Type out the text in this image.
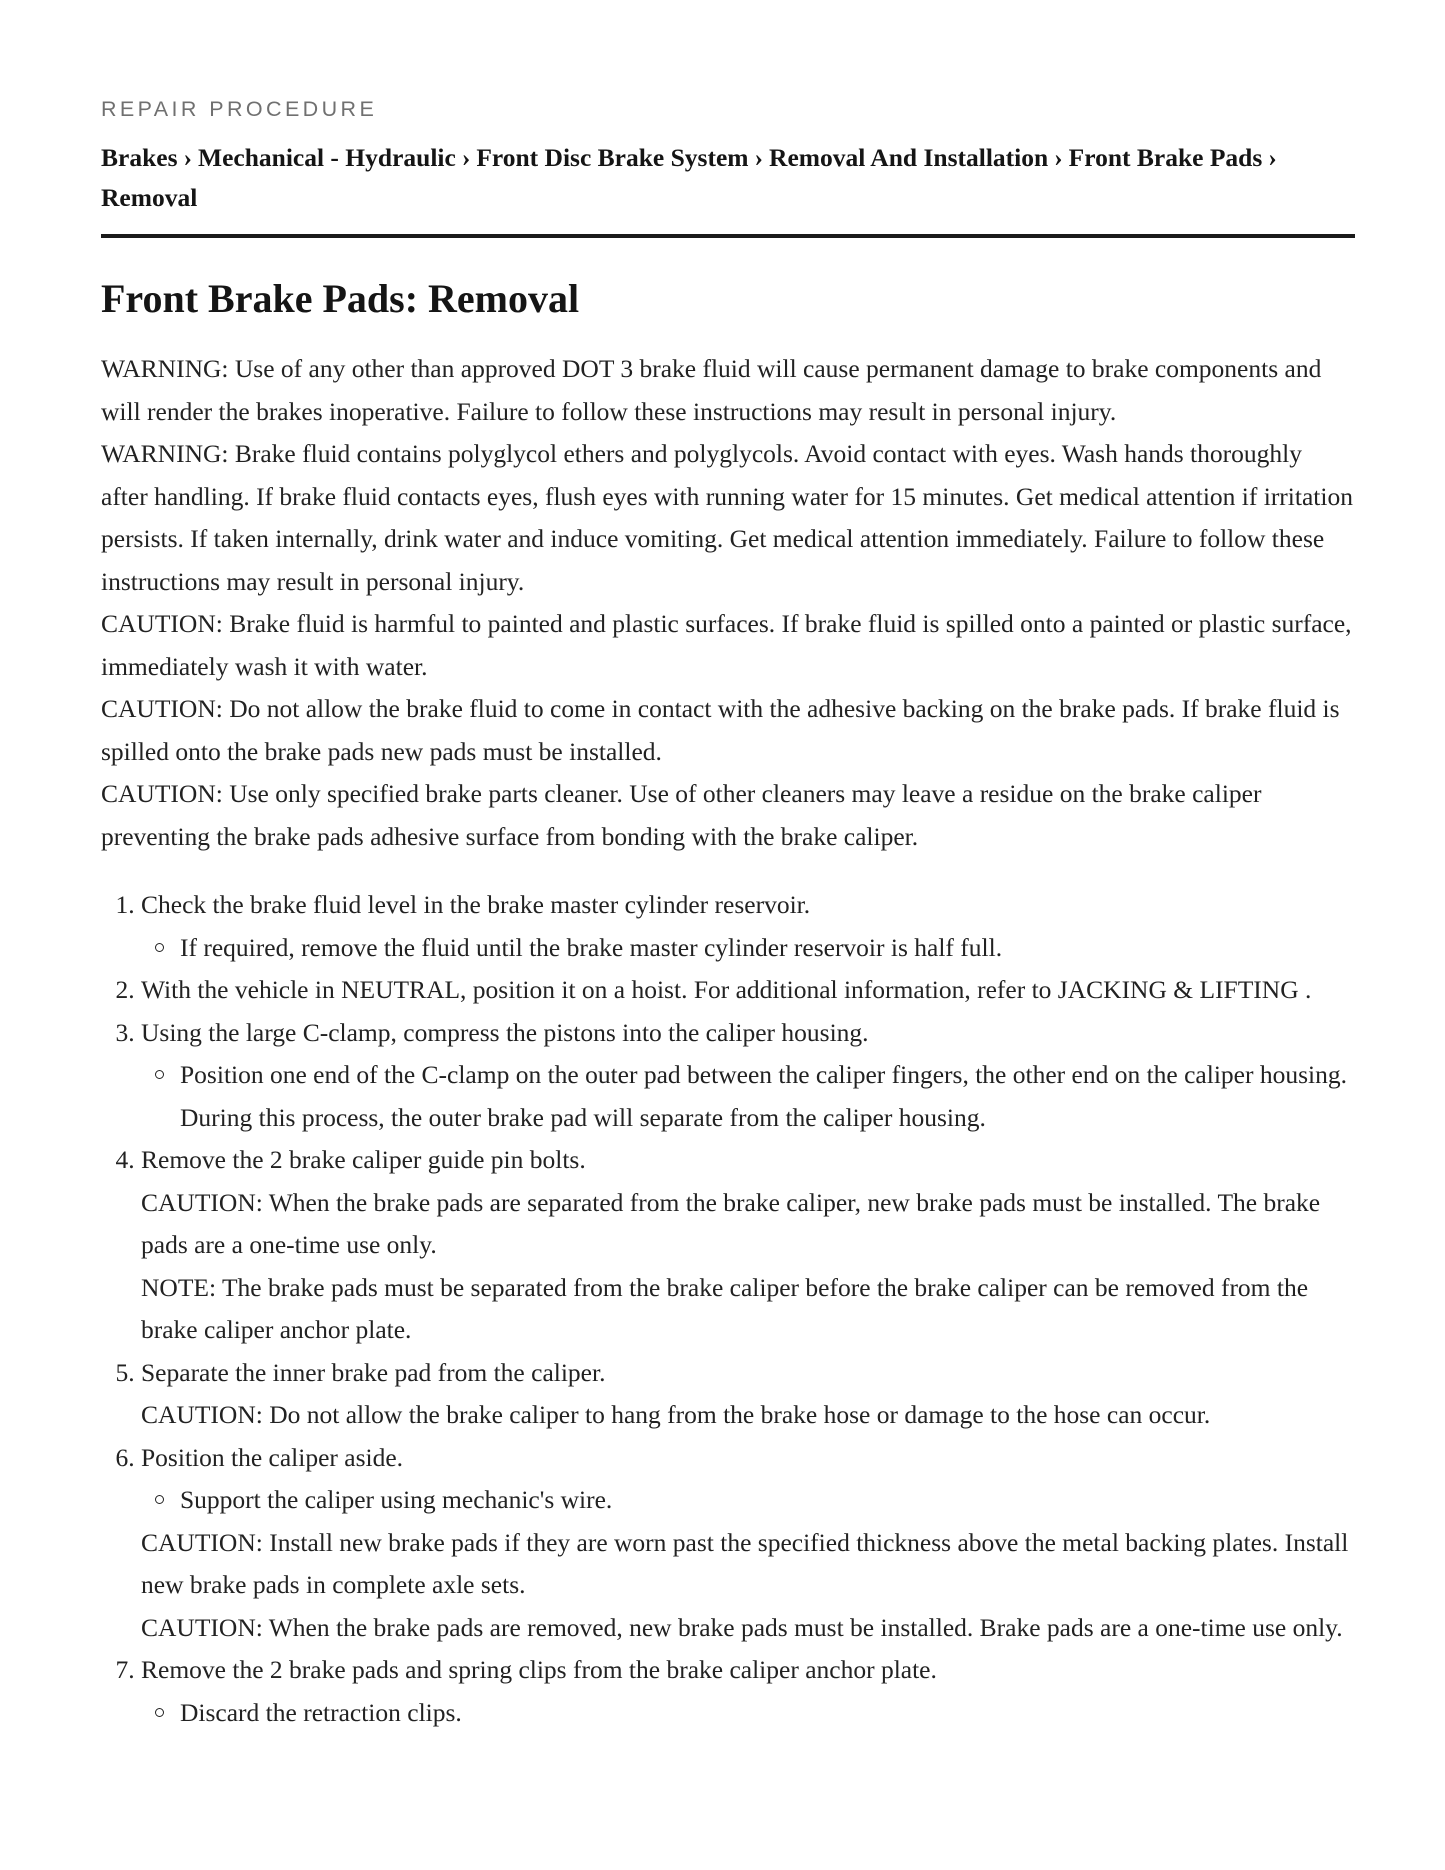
REPAIR PROCEDURE
Brakes › Mechanical - Hydraulic › Front Disc Brake System › Removal And Installation › Front Brake Pads ›
Removal
Front Brake Pads: Removal

WARNING: Use of any other than approved DOT 3 brake fluid will cause permanent damage to brake components and will render the brakes inoperative. Failure to follow these instructions may result in personal injury.

WARNING: Brake fluid contains polyglycol ethers and polyglycols. Avoid contact with eyes. Wash hands thoroughly after handling. If brake fluid contacts eyes, flush eyes with running water for 15 minutes. Get medical attention if irritation persists. If taken internally, drink water and induce vomiting. Get medical attention immediately. Failure to follow these instructions may result in personal injury.

CAUTION: Brake fluid is harmful to painted and plastic surfaces. If brake fluid is spilled onto a painted or plastic surface, immediately wash it with water.

CAUTION: Do not allow the brake fluid to come in contact with the adhesive backing on the brake pads. If brake fluid is spilled onto the brake pads new pads must be installed.

CAUTION: Use only specified brake parts cleaner. Use of other cleaners may leave a residue on the brake caliper preventing the brake pads adhesive surface from bonding with the brake caliper.

1. Check the brake fluid level in the brake master cylinder reservoir.
If required, remove the fluid until the brake master cylinder reservoir is half full.
2. With the vehicle in NEUTRAL, position it on a hoist. For additional information, refer to JACKING & LIFTING .
3. Using the large C-clamp, compress the pistons into the caliper housing.
Position one end of the C-clamp on the outer pad between the caliper fingers, the other end on the caliper housing. During this process, the outer brake pad will separate from the caliper housing.
4. Remove the 2 brake caliper guide pin bolts.

CAUTION: When the brake pads are separated from the brake caliper, new brake pads must be installed. The brake pads are a one-time use only.

NOTE: The brake pads must be separated from the brake caliper before the brake caliper can be removed from the brake caliper anchor plate.

5. Separate the inner brake pad from the caliper.

CAUTION: Do not allow the brake caliper to hang from the brake hose or damage to the hose can occur.

6. Position the caliper aside.
Support the caliper using mechanic's wire.

CAUTION: Install new brake pads if they are worn past the specified thickness above the metal backing plates. Install new brake pads in complete axle sets.

CAUTION: When the brake pads are removed, new brake pads must be installed. Brake pads are a one-time use only.

7. Remove the 2 brake pads and spring clips from the brake caliper anchor plate.
Discard the retraction clips.
